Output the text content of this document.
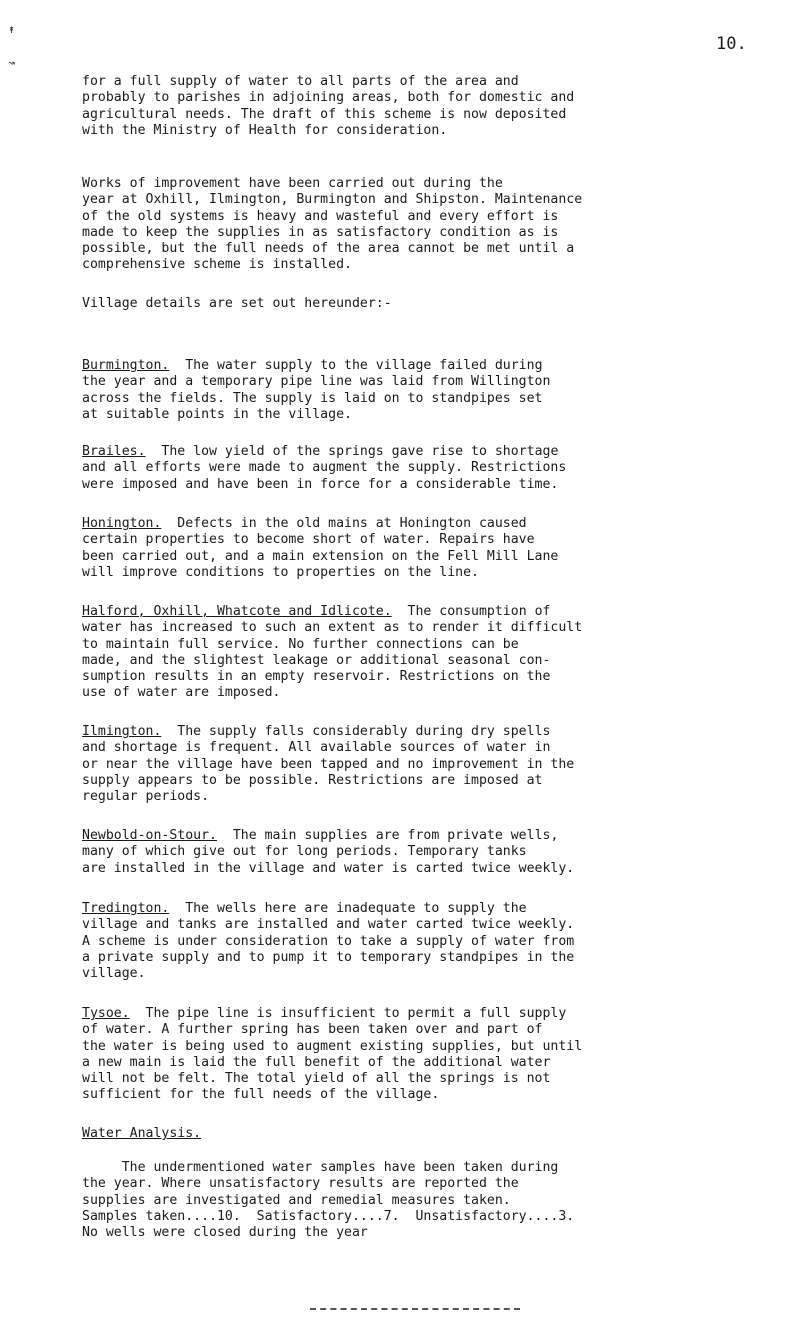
10.
↟
↝

for a full supply of water to all parts of the area and
probably to parishes in adjoining areas, both for domestic and
agricultural needs. The draft of this scheme is now deposited
with the Ministry of Health for consideration.

Works of improvement have been carried out during the
year at Oxhill, Ilmington, Burmington and Shipston. Maintenance
of the old systems is heavy and wasteful and every effort is
made to keep the supplies in as satisfactory condition as is
possible, but the full needs of the area cannot be met until a
comprehensive scheme is installed.

Village details are set out hereunder:-

Burmington.  The water supply to the village failed during
the year and a temporary pipe line was laid from Willington
across the fields. The supply is laid on to standpipes set
at suitable points in the village.

Brailes.  The low yield of the springs gave rise to shortage
and all efforts were made to augment the supply. Restrictions
were imposed and have been in force for a considerable time.

Honington.  Defects in the old mains at Honington caused
certain properties to become short of water. Repairs have
been carried out, and a main extension on the Fell Mill Lane
will improve conditions to properties on the line.

Halford, Oxhill, Whatcote and Idlicote.  The consumption of
water has increased to such an extent as to render it difficult
to maintain full service. No further connections can be
made, and the slightest leakage or additional seasonal con-
sumption results in an empty reservoir. Restrictions on the
use of water are imposed.

Ilmington.  The supply falls considerably during dry spells
and shortage is frequent. All available sources of water in
or near the village have been tapped and no improvement in the
supply appears to be possible. Restrictions are imposed at
regular periods.

Newbold-on-Stour.  The main supplies are from private wells,
many of which give out for long periods. Temporary tanks
are installed in the village and water is carted twice weekly.

Tredington.  The wells here are inadequate to supply the
village and tanks are installed and water carted twice weekly.
A scheme is under consideration to take a supply of water from
a private supply and to pump it to temporary standpipes in the
village.

Tysoe.  The pipe line is insufficient to permit a full supply
of water. A further spring has been taken over and part of
the water is being used to augment existing supplies, but until
a new main is laid the full benefit of the additional water
will not be felt. The total yield of all the springs is not
sufficient for the full needs of the village.

Water Analysis.

The undermentioned water samples have been taken during
the year. Where unsatisfactory results are reported the
supplies are investigated and remedial measures taken.
Samples taken....10.  Satisfactory....7.  Unsatisfactory....3.
No wells were closed during the year
